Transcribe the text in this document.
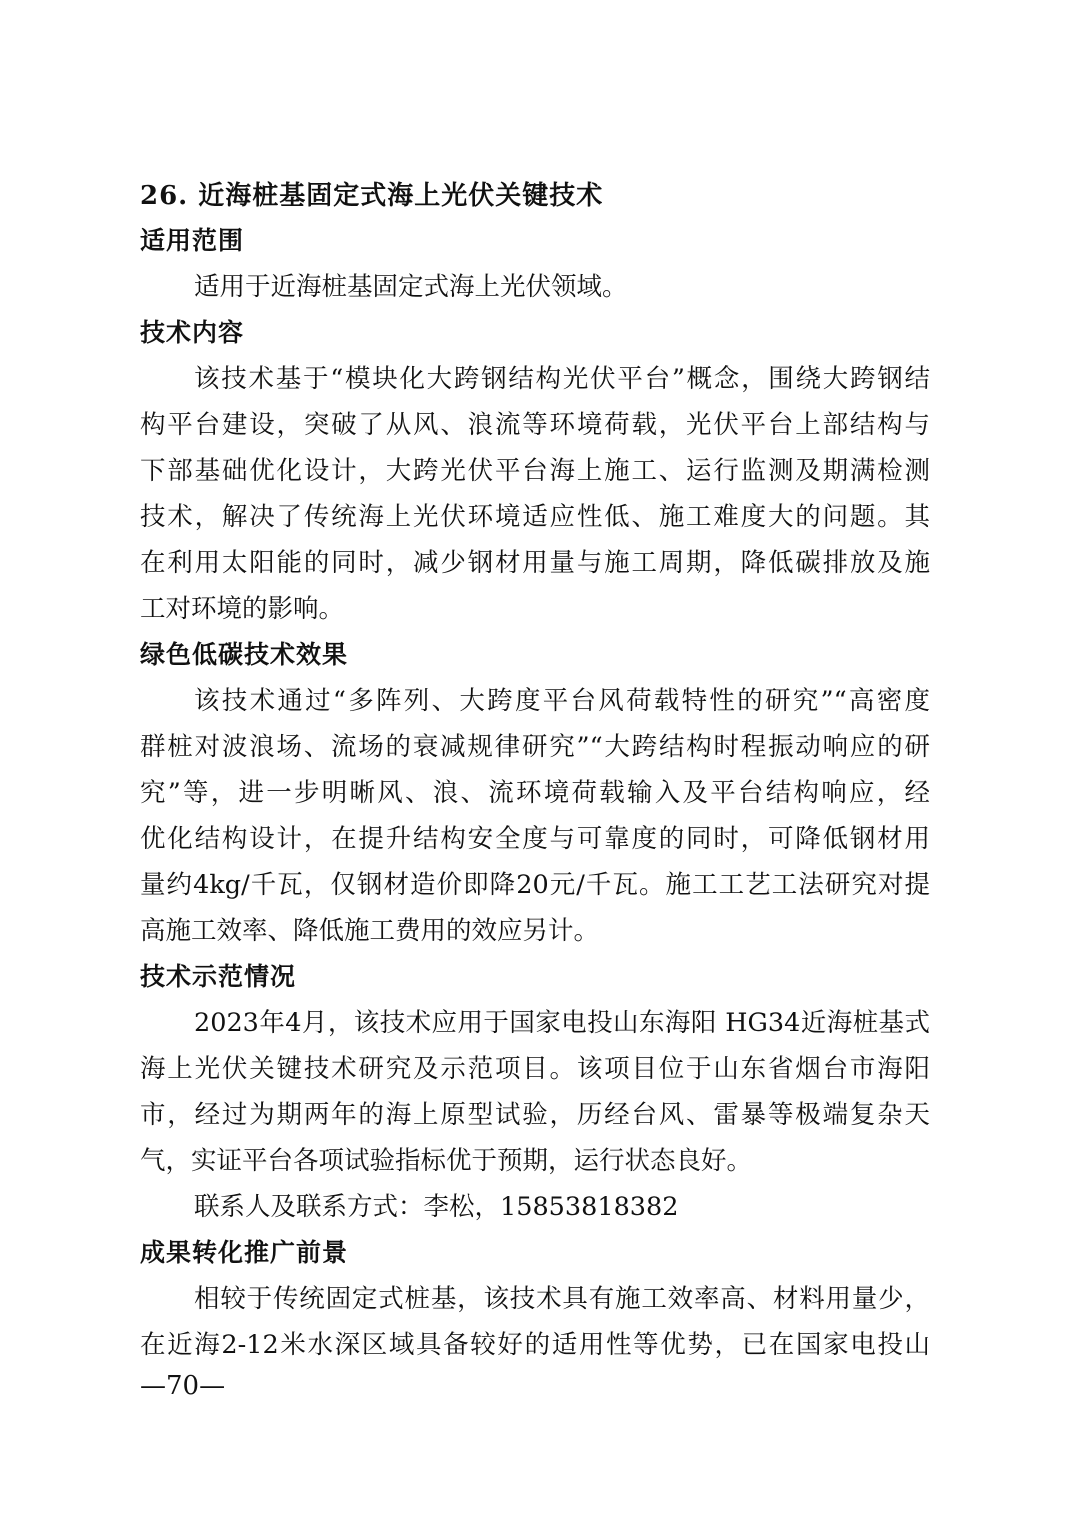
26. 近海桩基固定式海上光伏关键技术
适用范围
适用于近海桩基固定式海上光伏领域。
技术内容
该技术基于“模块化大跨钢结构光伏平台”概念，围绕大跨钢结
构平台建设，突破了从风、浪流等环境荷载，光伏平台上部结构与
下部基础优化设计，大跨光伏平台海上施工、运行监测及期满检测
技术，解决了传统海上光伏环境适应性低、施工难度大的问题。其
在利用太阳能的同时，减少钢材用量与施工周期，降低碳排放及施
工对环境的影响。
绿色低碳技术效果
该技术通过“多阵列、大跨度平台风荷载特性的研究”“高密度
群桩对波浪场、流场的衰减规律研究”“大跨结构时程振动响应的研
究”等，进一步明晰风、浪、流环境荷载输入及平台结构响应，经
优化结构设计，在提升结构安全度与可靠度的同时，可降低钢材用
量约4kg/千瓦，仅钢材造价即降20元/千瓦。施工工艺工法研究对提
高施工效率、降低施工费用的效应另计。
技术示范情况
2023年4月，该技术应用于国家电投山东海阳 HG34近海桩基式
海上光伏关键技术研究及示范项目。该项目位于山东省烟台市海阳
市，经过为期两年的海上原型试验，历经台风、雷暴等极端复杂天
气，实证平台各项试验指标优于预期，运行状态良好。
联系人及联系方式：李松，15853818382
成果转化推广前景
相较于传统固定式桩基，该技术具有施工效率高、材料用量少，
在近海2-12米水深区域具备较好的适用性等优势，已在国家电投山
—70—
